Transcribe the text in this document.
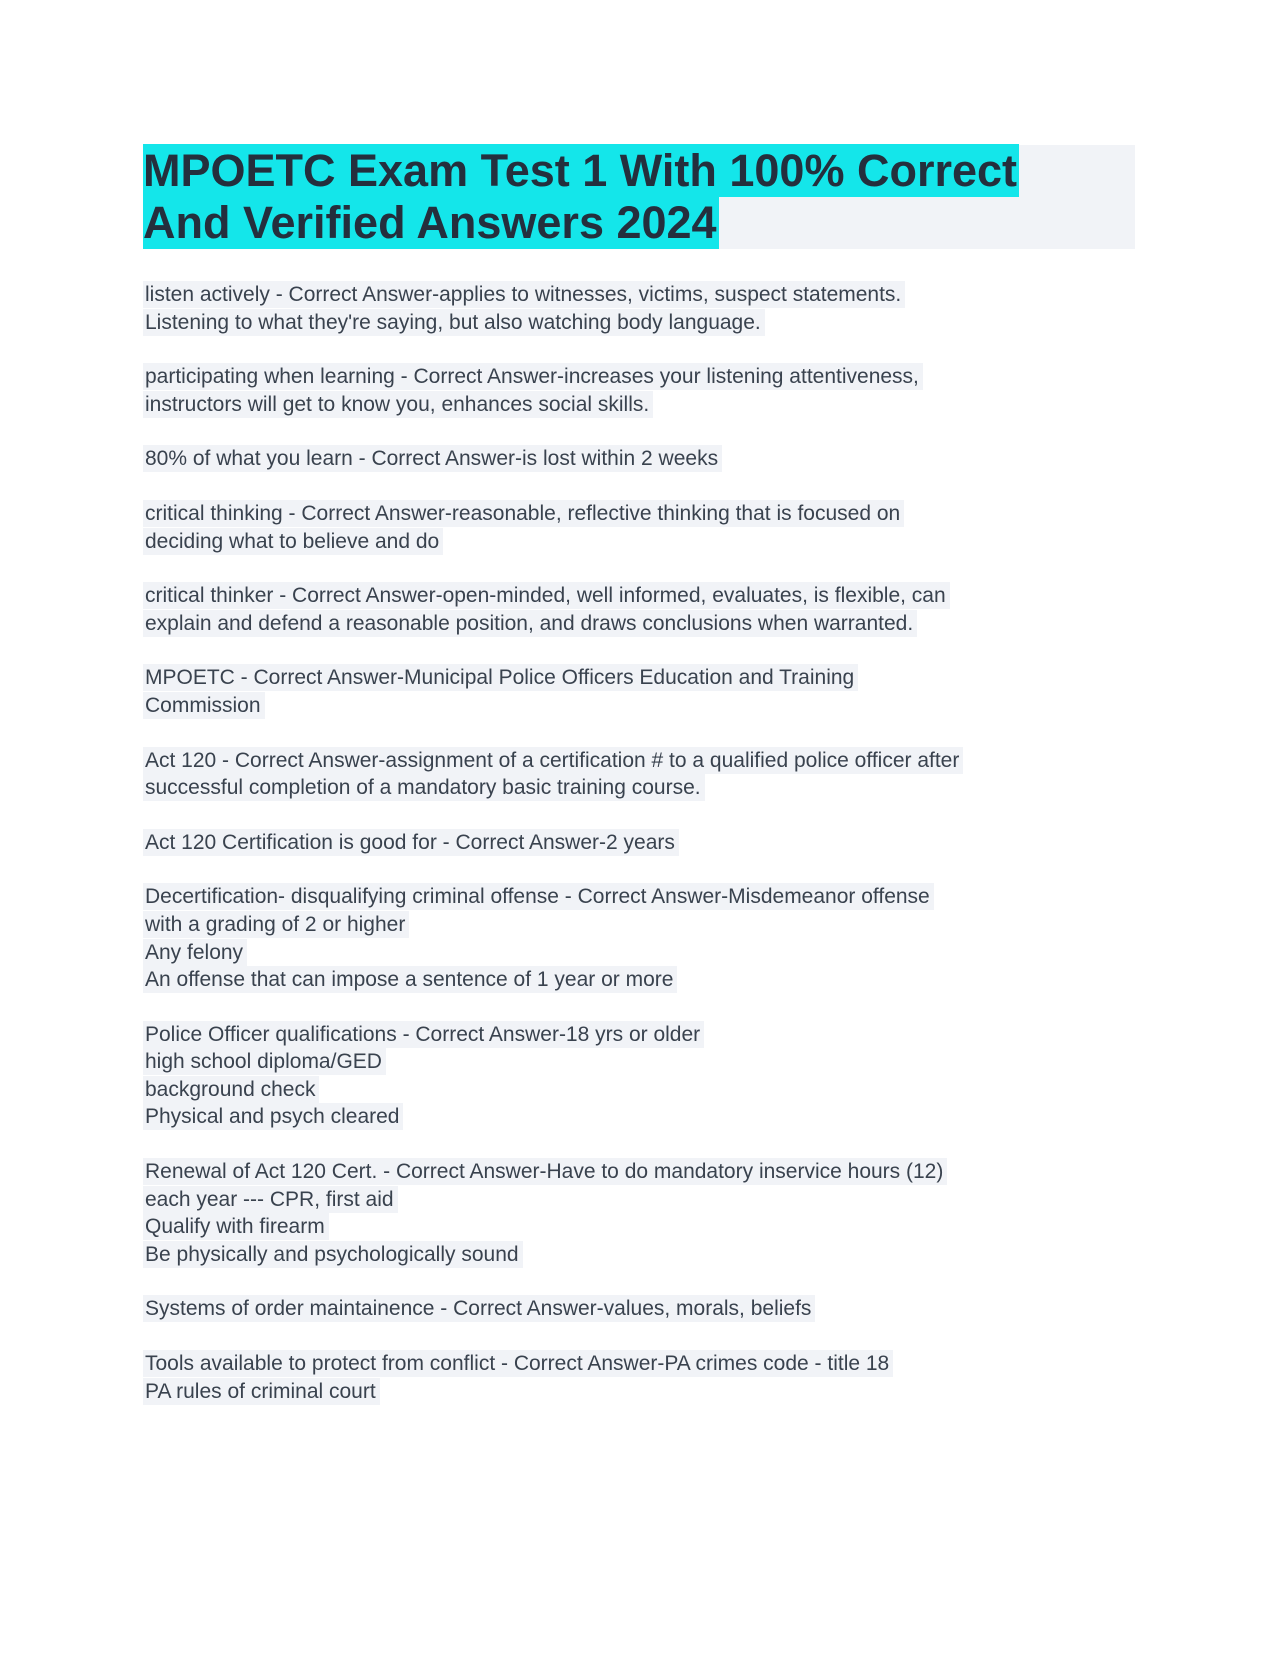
MPOETC Exam Test 1 With 100% Correct
And Verified Answers 2024

listen actively - Correct Answer-applies to witnesses, victims, suspect statements.
Listening to what they're saying, but also watching body language.

participating when learning - Correct Answer-increases your listening attentiveness,
instructors will get to know you, enhances social skills.

80% of what you learn - Correct Answer-is lost within 2 weeks

critical thinking - Correct Answer-reasonable, reflective thinking that is focused on
deciding what to believe and do

critical thinker - Correct Answer-open-minded, well informed, evaluates, is flexible, can
explain and defend a reasonable position, and draws conclusions when warranted.

MPOETC - Correct Answer-Municipal Police Officers Education and Training
Commission

Act 120 - Correct Answer-assignment of a certification # to a qualified police officer after
successful completion of a mandatory basic training course.

Act 120 Certification is good for - Correct Answer-2 years

Decertification- disqualifying criminal offense - Correct Answer-Misdemeanor offense
with a grading of 2 or higher
Any felony
An offense that can impose a sentence of 1 year or more

Police Officer qualifications - Correct Answer-18 yrs or older
high school diploma/GED
background check
Physical and psych cleared

Renewal of Act 120 Cert. - Correct Answer-Have to do mandatory inservice hours (12)
each year --- CPR, first aid
Qualify with firearm
Be physically and psychologically sound

Systems of order maintainence - Correct Answer-values, morals, beliefs

Tools available to protect from conflict - Correct Answer-PA crimes code - title 18
PA rules of criminal court
